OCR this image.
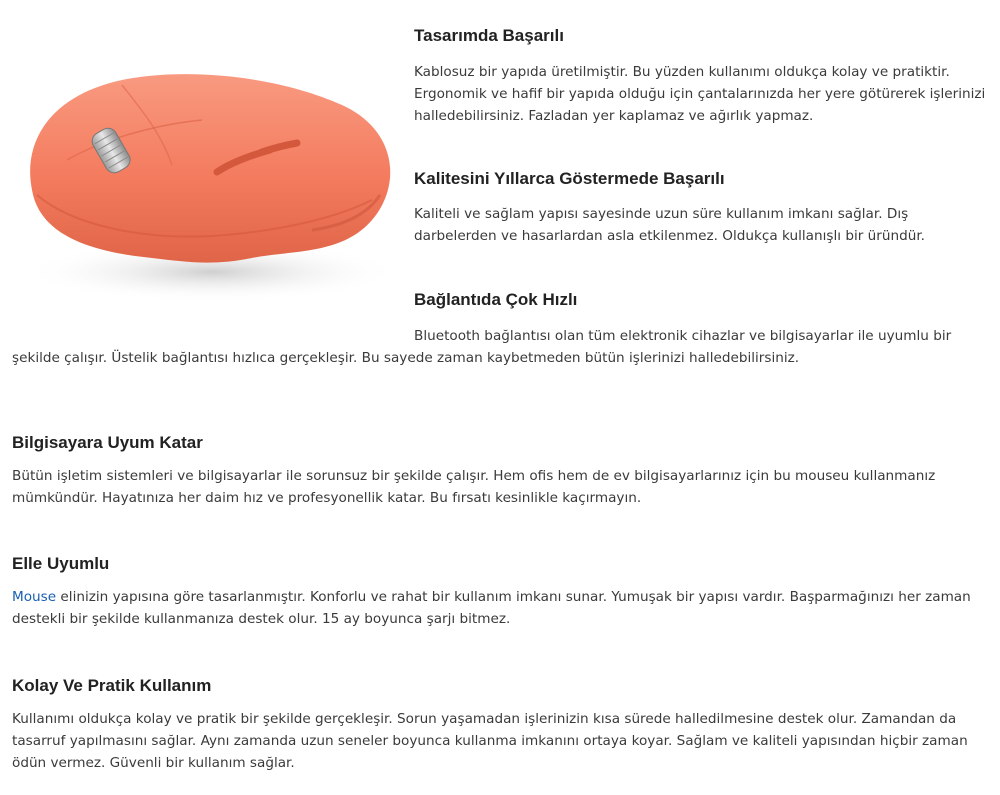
Tasarımda Başarılı

Kablosuz bir yapıda üretilmiştir. Bu yüzden kullanımı oldukça kolay ve pratiktir. Ergonomik ve hafif bir yapıda olduğu için çantalarınızda her yere götürerek işlerinizi halledebilirsiniz. Fazladan yer kaplamaz ve ağırlık yapmaz.

Kalitesini Yıllarca Göstermede Başarılı

Kaliteli ve sağlam yapısı sayesinde uzun süre kullanım imkanı sağlar. Dış darbelerden ve hasarlardan asla etkilenmez. Oldukça kullanışlı bir üründür.

Bağlantıda Çok Hızlı

Bluetooth bağlantısı olan tüm elektronik cihazlar ve bilgisayarlar ile uyumlu bir şekilde çalışır. Üstelik bağlantısı hızlıca gerçekleşir. Bu sayede zaman kaybetmeden bütün işlerinizi halledebilirsiniz.

Bilgisayara Uyum Katar

Bütün işletim sistemleri ve bilgisayarlar ile sorunsuz bir şekilde çalışır. Hem ofis hem de ev bilgisayarlarınız için bu mouseu kullanmanız mümkündür. Hayatınıza her daim hız ve profesyonellik katar. Bu fırsatı kesinlikle kaçırmayın.

Elle Uyumlu

Mouse elinizin yapısına göre tasarlanmıştır. Konforlu ve rahat bir kullanım imkanı sunar. Yumuşak bir yapısı vardır. Başparmağınızı her zaman destekli bir şekilde kullanmanıza destek olur. 15 ay boyunca şarjı bitmez.

Kolay Ve Pratik Kullanım

Kullanımı oldukça kolay ve pratik bir şekilde gerçekleşir. Sorun yaşamadan işlerinizin kısa sürede halledilmesine destek olur. Zamandan da tasarruf yapılmasını sağlar. Aynı zamanda uzun seneler boyunca kullanma imkanını ortaya koyar. Sağlam ve kaliteli yapısından hiçbir zaman ödün vermez. Güvenli bir kullanım sağlar.
